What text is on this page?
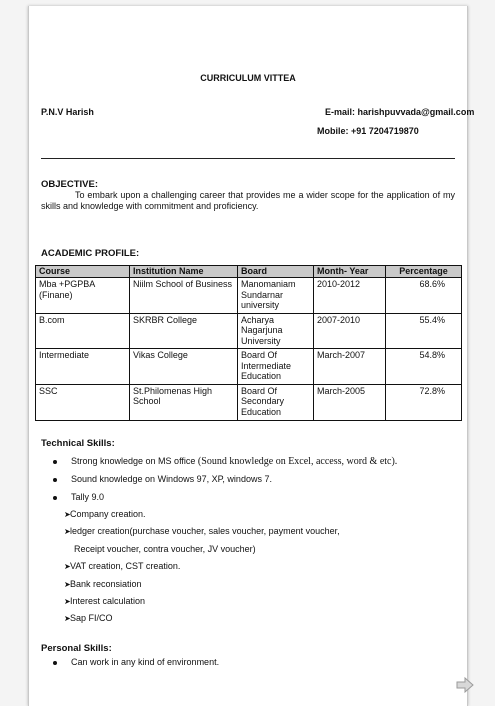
CURRICULUM VITTEA
P.N.V Harish	E-mail: harishpuvvada@gmail.com
Mobile: +91 7204719870
OBJECTIVE:
To embark upon a challenging career that provides me a wider scope for the application of my skills and knowledge with commitment and proficiency.
ACADEMIC PROFILE:
Course	Institution Name	Board	Month- Year	Percentage
Mba +PGPBA (Finane)	Niilm School of Business	Manomaniam Sundarnar university	2010-2012	68.6%
B.com	SKRBR College	Acharya Nagarjuna University	2007-2010	55.4%
Intermediate	Vikas College	Board Of Intermediate Education	March-2007	54.8%
SSC	St.Philomenas High School	Board Of Secondary Education	March-2005	72.8%
Technical Skills:
Strong knowledge on MS office (Sound knowledge on Excel, access, word & etc).
Sound knowledge on Windows 97, XP, windows 7.
Tally 9.0
➤Company creation.
➤ledger creation(purchase voucher, sales voucher, payment voucher,
Receipt voucher, contra voucher, JV voucher)
➤VAT creation, CST creation.
➤Bank reconsiation
➤Interest calculation
➤Sap FI/CO
Personal Skills:
Can work in any kind of environment.
